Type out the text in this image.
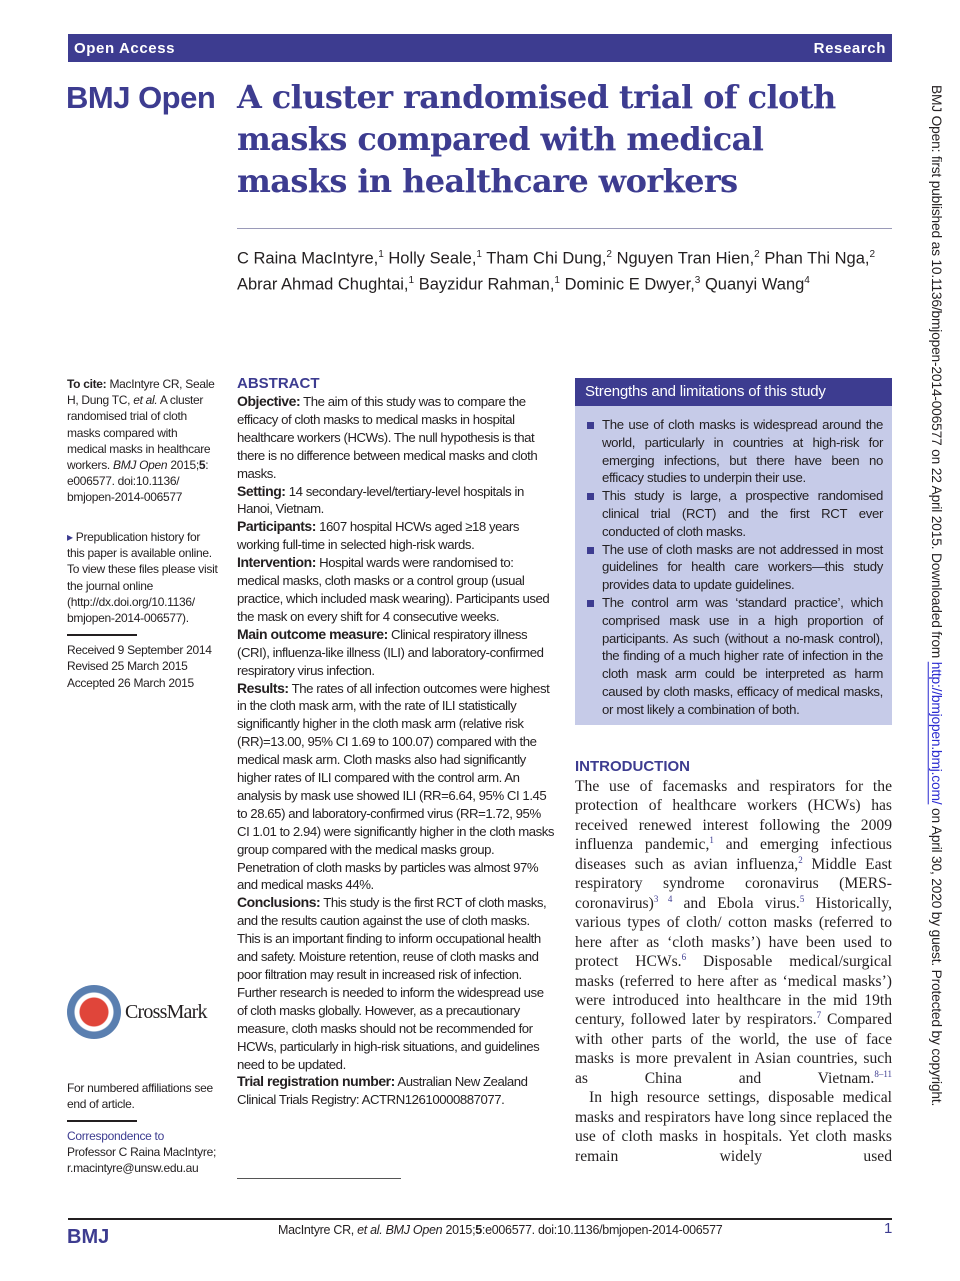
Open Access	Research
BMJ Open A cluster randomised trial of cloth masks compared with medical masks in healthcare workers
C Raina MacIntyre,$^1$ Holly Seale,$^1$ Tham Chi Dung,$^2$ Nguyen Tran Hien,$^2$ Phan Thi Nga,$^2$ Abrar Ahmad Chughtai,$^1$ Bayzidur Rahman,$^1$ Dominic E Dwyer,$^3$ Quanyi Wang$^4$
To cite: MacIntyre CR, Seale H, Dung TC, et al. A cluster randomised trial of cloth masks compared with medical masks in healthcare workers. BMJ Open 2015;5: e006577. doi:10.1136/ bmjopen-2014-006577
▸ Prepublication history for this paper is available online. To view these files please visit the journal online (http://dx.doi.org/10.1136/ bmjopen-2014-006577).
Received 9 September 2014
Revised 25 March 2015
Accepted 26 March 2015
CrossMark
For numbered affiliations see end of article.
Correspondence to
Professor C Raina MacIntyre;
r.macintyre@unsw.edu.au
ABSTRACT

Objective: The aim of this study was to compare the efficacy of cloth masks to medical masks in hospital healthcare workers (HCWs). The null hypothesis is that there is no difference between medical masks and cloth masks.

Setting: 14 secondary-level/tertiary-level hospitals in Hanoi, Vietnam.

Participants: 1607 hospital HCWs aged ≥18 years working full-time in selected high-risk wards.

Intervention: Hospital wards were randomised to: medical masks, cloth masks or a control group (usual practice, which included mask wearing). Participants used the mask on every shift for 4 consecutive weeks.

Main outcome measure: Clinical respiratory illness (CRI), influenza-like illness (ILI) and laboratory-confirmed respiratory virus infection.

Results: The rates of all infection outcomes were highest in the cloth mask arm, with the rate of ILI statistically significantly higher in the cloth mask arm (relative risk (RR)=13.00, 95% CI 1.69 to 100.07) compared with the medical mask arm. Cloth masks also had significantly higher rates of ILI compared with the control arm. An analysis by mask use showed ILI (RR=6.64, 95% CI 1.45 to 28.65) and laboratory-confirmed virus (RR=1.72, 95% CI 1.01 to 2.94) were significantly higher in the cloth masks group compared with the medical masks group. Penetration of cloth masks by particles was almost 97% and medical masks 44%.

Conclusions: This study is the first RCT of cloth masks, and the results caution against the use of cloth masks. This is an important finding to inform occupational health and safety. Moisture retention, reuse of cloth masks and poor filtration may result in increased risk of infection. Further research is needed to inform the widespread use of cloth masks globally. However, as a precautionary measure, cloth masks should not be recommended for HCWs, particularly in high-risk situations, and guidelines need to be updated.

Trial registration number: Australian New Zealand Clinical Trials Registry: ACTRN12610000887077.

Strengths and limitations of this study
The use of cloth masks is widespread around the world, particularly in countries at high-risk for emerging infections, but there have been no efficacy studies to underpin their use.
This study is large, a prospective randomised clinical trial (RCT) and the first RCT ever conducted of cloth masks.
The use of cloth masks are not addressed in most guidelines for health care workers—this study provides data to update guidelines.
The control arm was ‘standard practice’, which comprised mask use in a high proportion of participants. As such (without a no-mask control), the finding of a much higher rate of infection in the cloth mask arm could be interpreted as harm caused by cloth masks, efficacy of medical masks, or most likely a combination of both.
INTRODUCTION

The use of facemasks and respirators for the protection of healthcare workers (HCWs) has received renewed interest following the 2009 influenza pandemic,$^1$ and emerging infectious diseases such as avian influenza,$^2$ Middle East respiratory syndrome coronavirus (MERS-coronavirus)$^{3 4}$ and Ebola virus.$^5$ Historically, various types of cloth/ cotton masks (referred to here after as ‘cloth masks’) have been used to protect HCWs.$^6$ Disposable medical/surgical masks (referred to here after as ‘medical masks’) were introduced into healthcare in the mid 19th century, followed later by respirators.$^7$ Compared with other parts of the world, the use of face masks is more prevalent in Asian countries, such as China and Vietnam.$^{8-11}$

In high resource settings, disposable medical masks and respirators have long since replaced the use of cloth masks in hospitals. Yet cloth masks remain widely used

BMJ Open: first published as 10.1136/bmjopen-2014-006577 on 22 April 2015. Downloaded from http://bmjopen.bmj.com/ on April 30, 2020 by guest. Protected by copyright.
BMJ	MacIntyre CR, et al. BMJ Open 2015;5:e006577. doi:10.1136/bmjopen-2014-006577	1
